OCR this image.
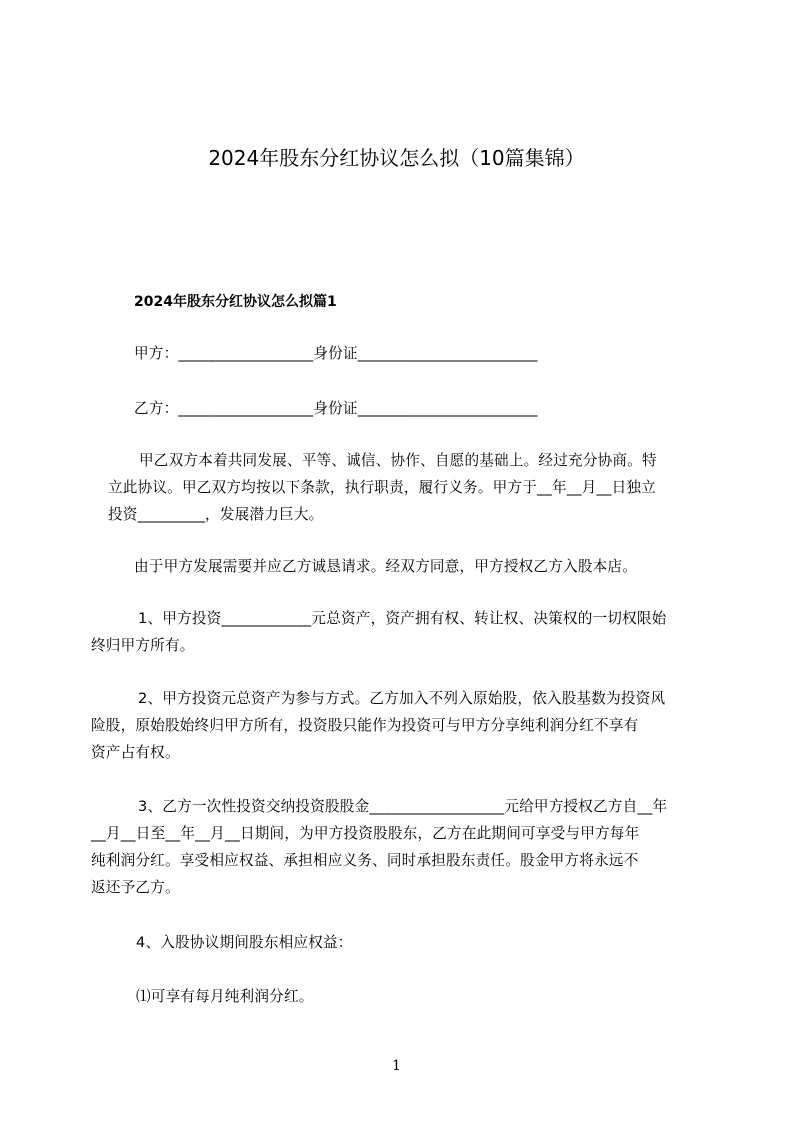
2024年股东分红协议怎么拟（10篇集锦）
2024年股东分红协议怎么拟篇1
甲方：__________________身份证________________________
乙方：__________________身份证________________________
甲乙双方本着共同发展、平等、诚信、协作、自愿的基础上。经过充分协商。特
立此协议。甲乙双方均按以下条款，执行职责，履行义务。甲方于__年__月__日独立
投资_________，发展潜力巨大。
由于甲方发展需要并应乙方诚恳请求。经双方同意，甲方授权乙方入股本店。
1、甲方投资____________元总资产，资产拥有权、转让权、决策权的一切权限始
终归甲方所有。
2、甲方投资元总资产为参与方式。乙方加入不列入原始股，依入股基数为投资风
险股，原始股始终归甲方所有，投资股只能作为投资可与甲方分享纯利润分红不享有
资产占有权。
3、乙方一次性投资交纳投资股股金__________________元给甲方授权乙方自__年
__月__日至__年__月__日期间，为甲方投资股股东，乙方在此期间可享受与甲方每年
纯利润分红。享受相应权益、承担相应义务、同时承担股东责任。股金甲方将永远不
返还予乙方。
4、入股协议期间股东相应权益：
⑴可享有每月纯利润分红。
1
